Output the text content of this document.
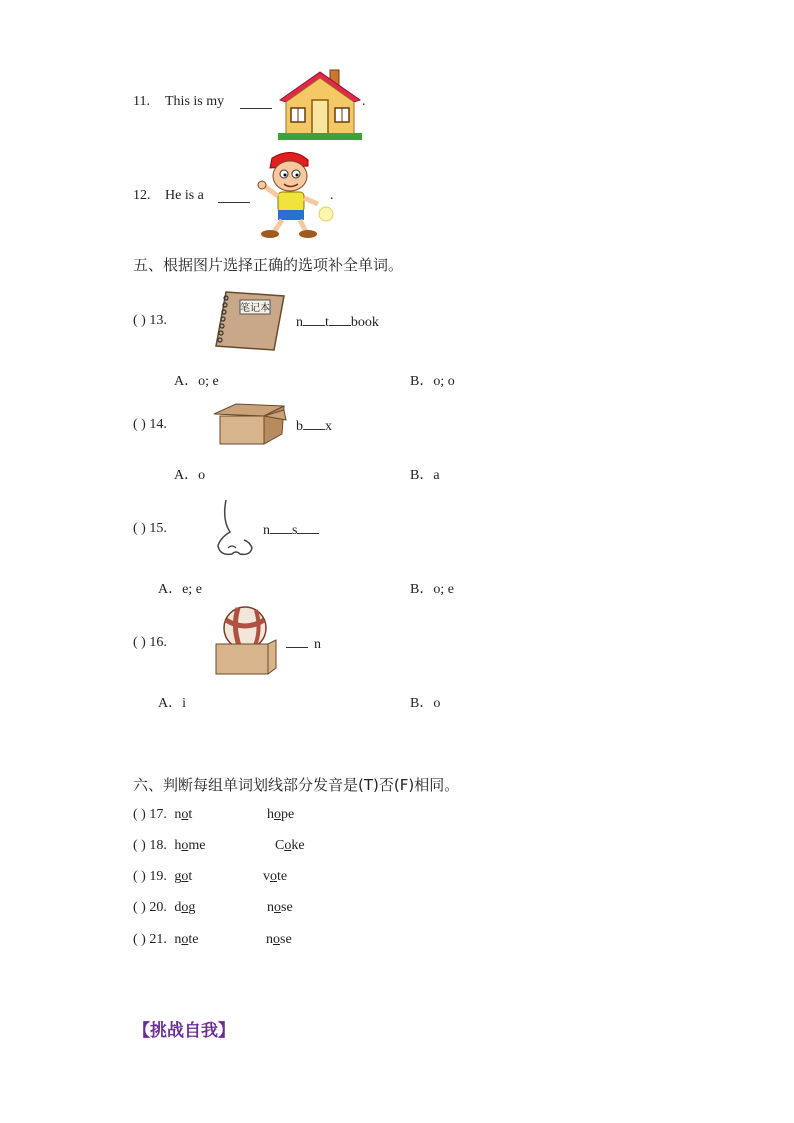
11. This is my	.
12. He is a	.
五、根据图片选择正确的选项补全单词。
( ) 13.
笔记本
n t book
A．o; e	B．o; o
( ) 14.	b x
A．o	B．a
( ) 15.	n s
A．e; e	B．o; e
( ) 16.	n
A．i	B．o
六、判断每组单词划线部分发音是(T)否(F)相同。
( ) 17. not	hope
( ) 18. home	Coke
( ) 19. got	vote
( ) 20. dog	nose
( ) 21. note	nose
【挑战自我】
